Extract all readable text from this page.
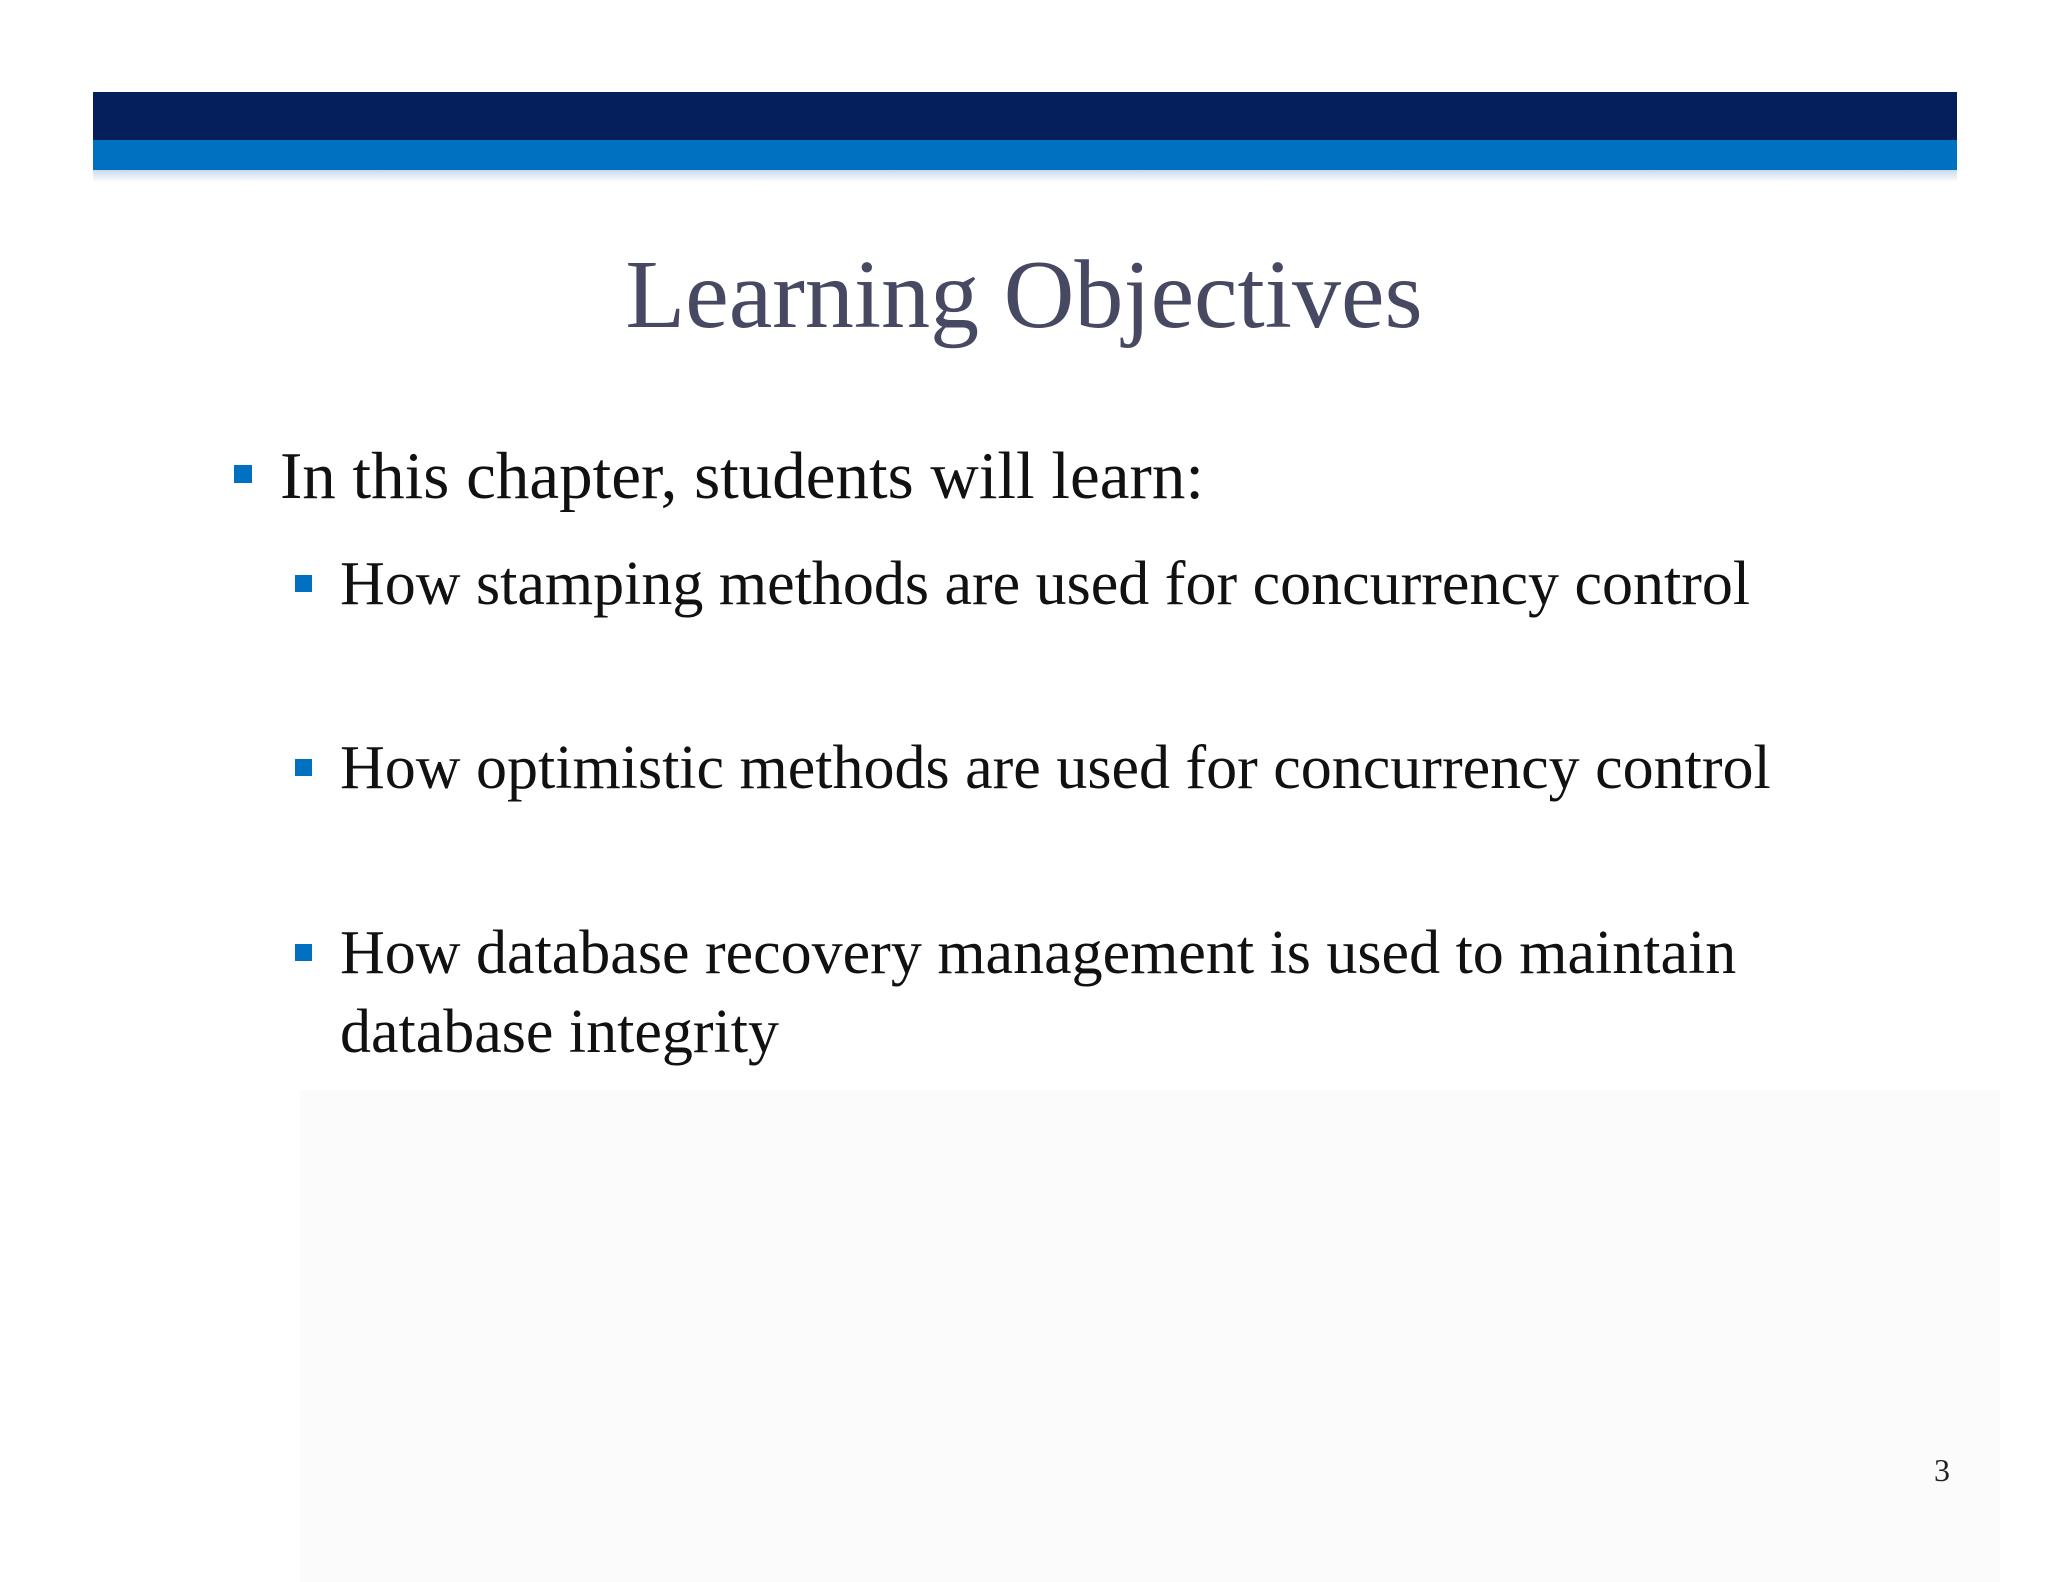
Learning Objectives
In this chapter, students will learn:
How stamping methods are used for concurrency control
How optimistic methods are used for concurrency control
How database recovery management is used to maintain database integrity
3
